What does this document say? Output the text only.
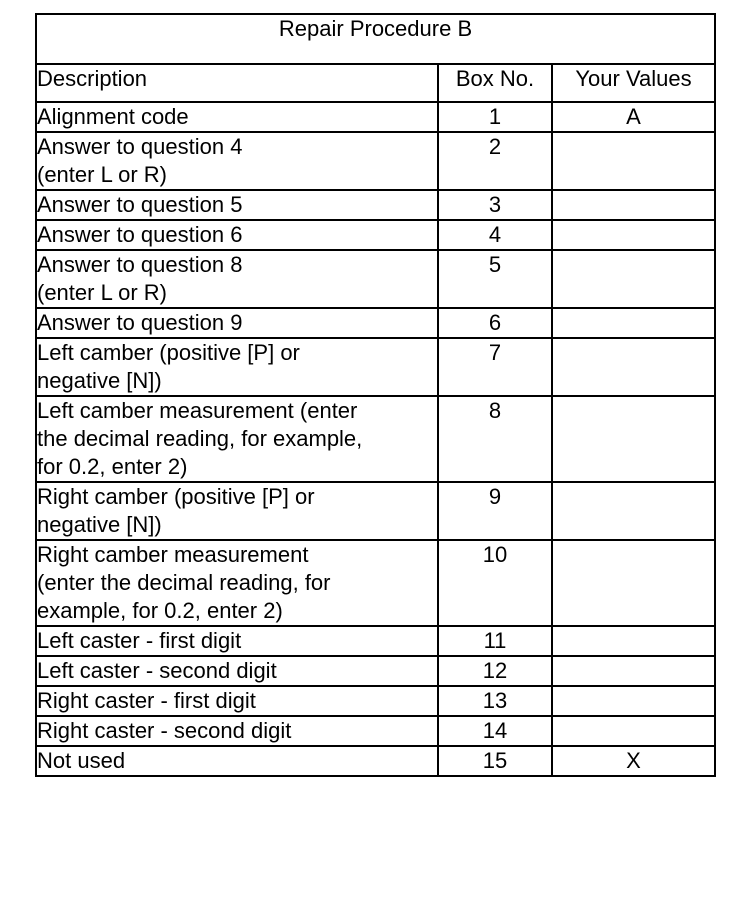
Repair Procedure B		
Description	Box No.	Your Values

Alignment code	1	A

Answer to question 4
(enter L or R)	2	

Answer to question 5	3	

Answer to question 6	4	

Answer to question 8
(enter L or R)	5	

Answer to question 9	6	

Left camber (positive [P] or
negative [N])	7	

Left camber measurement (enter
the decimal reading, for example,
for 0.2, enter 2)	8	

Right camber (positive [P] or
negative [N])	9	

Right camber measurement
(enter the decimal reading, for
example, for 0.2, enter 2)	10	

Left caster - first digit	11	

Left caster - second digit	12	

Right caster - first digit	13	

Right caster - second digit	14	

Not used	15	X
